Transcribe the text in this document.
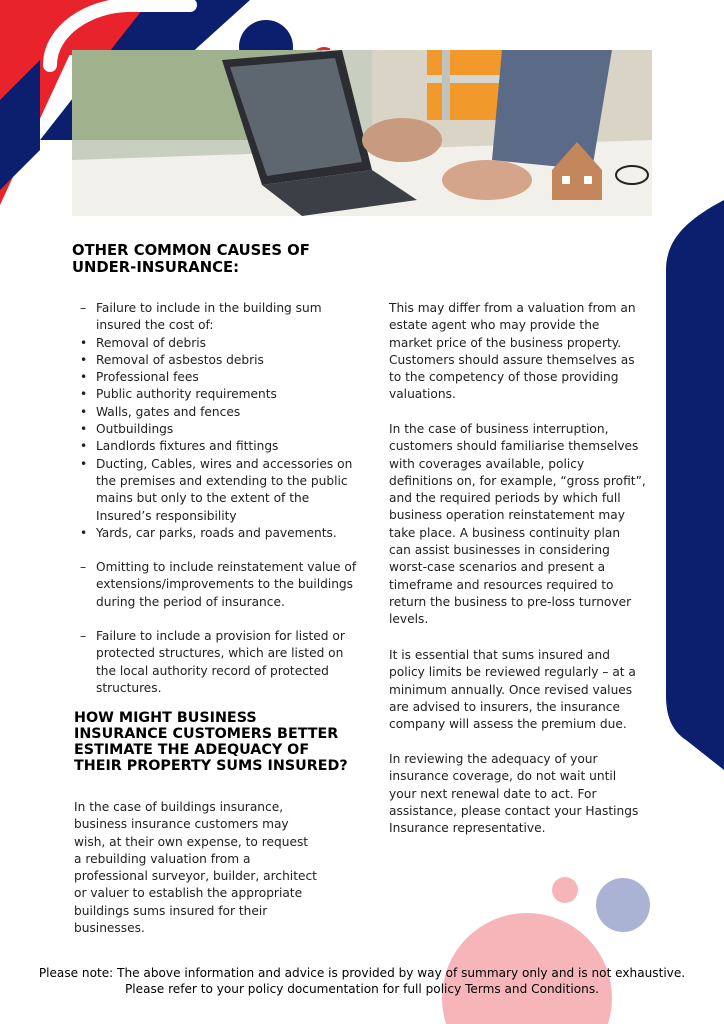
OTHER COMMON CAUSES OF
UNDER-INSURANCE:
– Failure to include in the building sum
insured the cost of:
• Removal of debris
• Removal of asbestos debris
• Professional fees
• Public authority requirements
• Walls, gates and fences
• Outbuildings
• Landlords fixtures and fittings
• Ducting, Cables, wires and accessories on
the premises and extending to the public
mains but only to the extent of the
Insured’s responsibility
• Yards, car parks, roads and pavements.
– Omitting to include reinstatement value of
extensions/improvements to the buildings
during the period of insurance.
– Failure to include a provision for listed or
protected structures, which are listed on
the local authority record of protected
structures.
HOW MIGHT BUSINESS
INSURANCE CUSTOMERS BETTER
ESTIMATE THE ADEQUACY OF
THEIR PROPERTY SUMS INSURED?

In the case of buildings insurance,
business insurance customers may
wish, at their own expense, to request
a rebuilding valuation from a
professional surveyor, builder, architect
or valuer to establish the appropriate
buildings sums insured for their
businesses.

This may differ from a valuation from an
estate agent who may provide the
market price of the business property.
Customers should assure themselves as
to the competency of those providing
valuations.

In the case of business interruption,
customers should familiarise themselves
with coverages available, policy
definitions on, for example, “gross profit”,
and the required periods by which full
business operation reinstatement may
take place. A business continuity plan
can assist businesses in considering
worst-case scenarios and present a
timeframe and resources required to
return the business to pre-loss turnover
levels.

It is essential that sums insured and
policy limits be reviewed regularly – at a
minimum annually. Once revised values
are advised to insurers, the insurance
company will assess the premium due.

In reviewing the adequacy of your
insurance coverage, do not wait until
your next renewal date to act. For
assistance, please contact your Hastings
Insurance representative.

Please note: The above information and advice is provided by way of summary only and is not exhaustive.
Please refer to your policy documentation for full policy Terms and Conditions.
